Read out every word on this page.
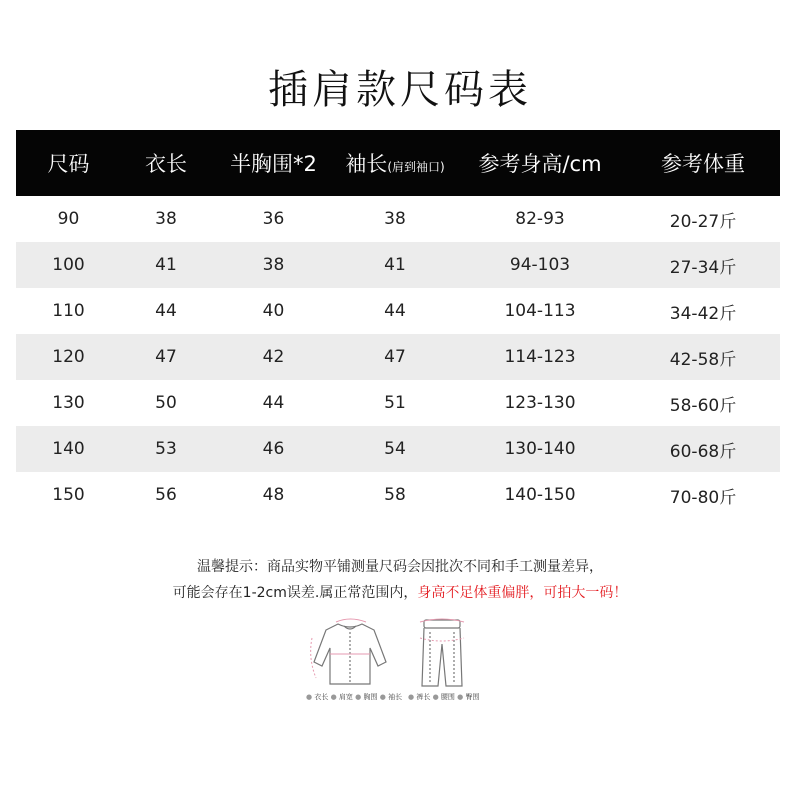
插肩款尺码表
尺码	衣长	半胸围*2	袖长(肩到袖口)	参考身高/cm	参考体重
90	38	36	38	82-93	20-27斤
100	41	38	41	94-103	27-34斤
110	44	40	44	104-113	34-42斤
120	47	42	47	114-123	42-58斤
130	50	44	51	123-130	58-60斤
140	53	46	54	130-140	60-68斤
150	56	48	58	140-150	70-80斤
温馨提示：商品实物平铺测量尺码会因批次不同和手工测量差异，
可能会存在1-2cm误差.属正常范围内，身高不足体重偏胖，可拍大一码！
● 衣长 ● 肩宽 ● 胸围 ● 袖长 ● 裤长 ● 腰围 ● 臀围
